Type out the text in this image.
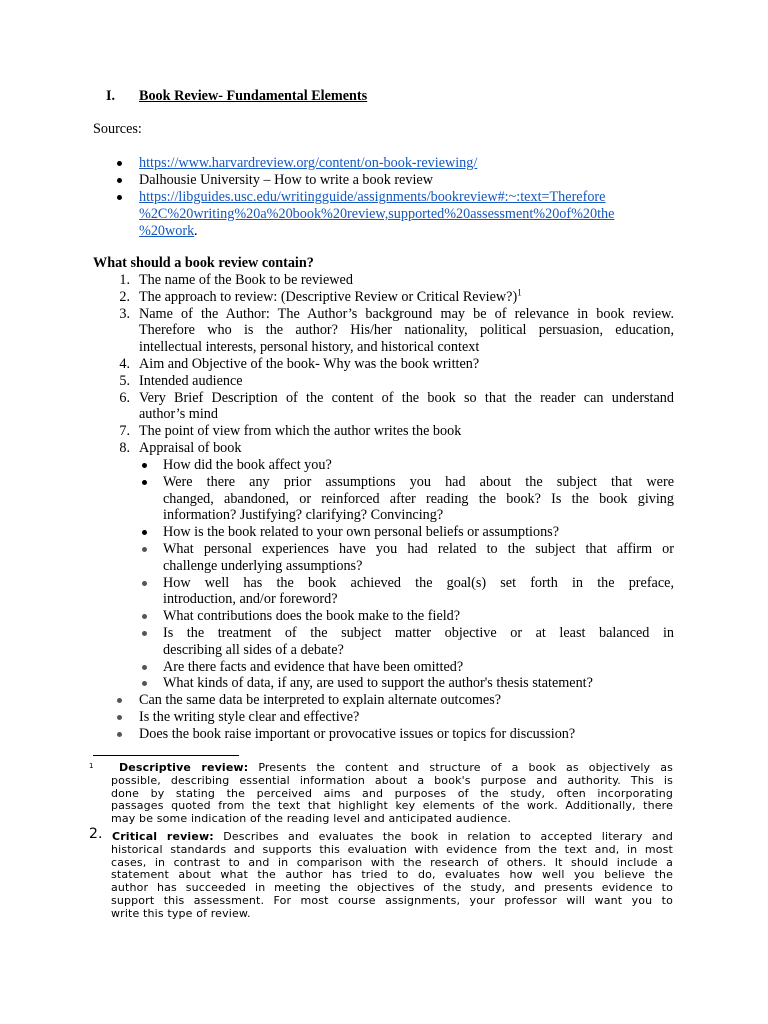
I. Book Review- Fundamental Elements
Sources:
https://www.harvardreview.org/content/on-book-reviewing/
Dalhousie University – How to write a book review
https://libguides.usc.edu/writingguide/assignments/bookreview#:~:text=Therefore
%2C%20writing%20a%20book%20review,supported%20assessment%20of%20the
%20work .
What should a book review contain?
1. The name of the Book to be reviewed
2. The approach to review: (Descriptive Review or Critical Review?)$^1$
3. Name of the Author: The Author’s background may be of relevance in book review.
Therefore who is the author? His/her nationality, political persuasion, education,
intellectual interests, personal history, and historical context
4. Aim and Objective of the book- Why was the book written?
5. Intended audience
6. Very Brief Description of the content of the book so that the reader can understand
author’s mind
7. The point of view from which the author writes the book
8. Appraisal of book
How did the book affect you?
Were there any prior assumptions you had about the subject that were
changed, abandoned, or reinforced after reading the book? Is the book giving
information? Justifying? clarifying? Convincing?
How is the book related to your own personal beliefs or assumptions?
What personal experiences have you had related to the subject that affirm or
challenge underlying assumptions?
How well has the book achieved the goal(s) set forth in the preface,
introduction, and/or foreword?
What contributions does the book make to the field?
Is the treatment of the subject matter objective or at least balanced in
describing all sides of a debate?
Are there facts and evidence that have been omitted?
What kinds of data, if any, are used to support the author's thesis statement?
Can the same data be interpreted to explain alternate outcomes?
Is the writing style clear and effective?
Does the book raise important or provocative issues or topics for discussion?
1 Descriptive review: Presents the content and structure of a book as objectively as
possible, describing essential information about a book's purpose and authority. This is
done by stating the perceived aims and purposes of the study, often incorporating
passages quoted from the text that highlight key elements of the work. Additionally, there
may be some indication of the reading level and anticipated audience.
2. Critical review: Describes and evaluates the book in relation to accepted literary and
historical standards and supports this evaluation with evidence from the text and, in most
cases, in contrast to and in comparison with the research of others. It should include a
statement about what the author has tried to do, evaluates how well you believe the
author has succeeded in meeting the objectives of the study, and presents evidence to
support this assessment. For most course assignments, your professor will want you to
write this type of review.
